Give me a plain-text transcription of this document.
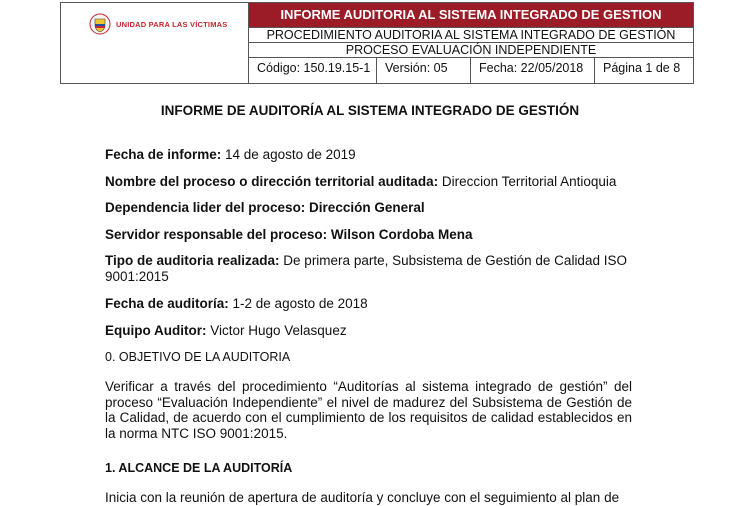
UNIDAD PARA LAS VÍCTIMAS
INFORME AUDITORIA AL SISTEMA INTEGRADO DE GESTION
PROCEDIMIENTO AUDITORIA AL SISTEMA INTEGRADO DE GESTIÓN
PROCESO EVALUACIÓN INDEPENDIENTE
Código: 150.19.15-1	Versión: 05	Fecha: 22/05/2018	Página 1 de 8
INFORME DE AUDITORÍA AL SISTEMA INTEGRADO DE GESTIÓN
Fecha de informe: 14 de agosto de 2019
Nombre del proceso o dirección territorial auditada: Direccion Territorial Antioquia
Dependencia lider del proceso: Dirección General
Servidor responsable del proceso: Wilson Cordoba Mena
Tipo de auditoria realizada: De primera parte, Subsistema de Gestión de Calidad ISO
9001:2015
Fecha de auditoría: 1-2 de agosto de 2018
Equipo Auditor: Victor Hugo Velasquez
0. OBJETIVO DE LA AUDITORIA
Verificar a través del procedimiento “Auditorías al sistema integrado de gestión” del proceso “Evaluación Independiente” el nivel de madurez del Subsistema de Gestión de la Calidad, de acuerdo con el cumplimiento de los requisitos de calidad establecidos en la norma NTC ISO 9001:2015.
1. ALCANCE DE LA AUDITORÍA
Inicia con la reunión de apertura de auditoría y concluye con el seguimiento al plan de
